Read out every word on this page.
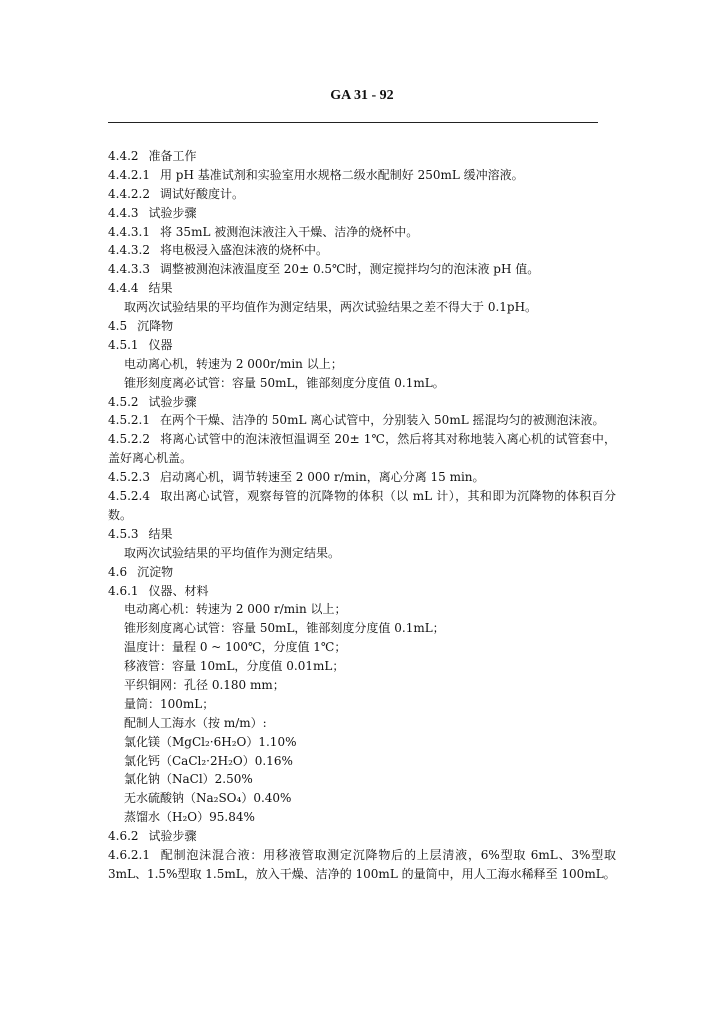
GA 31 - 92
4.4.2 准备工作
4.4.2.1 用 pH 基准试剂和实验室用水规格二级水配制好 250mL 缓冲溶液。
4.4.2.2 调试好酸度计。
4.4.3 试验步骤
4.4.3.1 将 35mL 被测泡沫液注入干燥、洁净的烧杯中。
4.4.3.2 将电极浸入盛泡沫液的烧杯中。
4.4.3.3 调整被测泡沫液温度至 20± 0.5℃时，测定搅拌均匀的泡沫液 pH 值。
4.4.4 结果
取两次试验结果的平均值作为测定结果，两次试验结果之差不得大于 0.1pH。
4.5 沉降物
4.5.1 仪器
电动离心机，转速为 2 000r/min 以上；
锥形刻度离必试管：容量 50mL，锥部刻度分度值 0.1mL。
4.5.2 试验步骤
4.5.2.1 在两个干燥、洁净的 50mL 离心试管中，分别装入 50mL 摇混均匀的被测泡沫液。
4.5.2.2 将离心试管中的泡沫液恒温调至 20± 1℃，然后将其对称地装入离心机的试管套中，盖好离心机盖。
4.5.2.3 启动离心机，调节转速至 2 000 r/min，离心分离 15 min。
4.5.2.4 取出离心试管，观察每管的沉降物的体积（以 mL 计），其和即为沉降物的体积百分数。
4.5.3 结果
取两次试验结果的平均值作为测定结果。
4.6 沉淀物
4.6.1 仪器、材料
电动离心机：转速为 2 000 r/min 以上；
锥形刻度离心试管：容量 50mL，锥部刻度分度值 0.1mL；
温度计：量程 0 ~ 100℃，分度值 1℃；
移液管：容量 10mL，分度值 0.01mL；
平织铜网：孔径 0.180 mm；
量筒：100mL；
配制人工海水（按 m/m）:
氯化镁（MgCl₂·6H₂O）1.10%
氯化钙（CaCl₂·2H₂O）0.16%
氯化钠（NaCl）2.50%
无水硫酸钠（Na₂SO₄）0.40%
蒸馏水（H₂O）95.84%
4.6.2 试验步骤
4.6.2.1 配制泡沫混合液：用移液管取测定沉降物后的上层清液，6%型取 6mL、3%型取 3mL、1.5%型取 1.5mL，放入干燥、洁净的 100mL 的量筒中，用人工海水稀释至 100mL。
